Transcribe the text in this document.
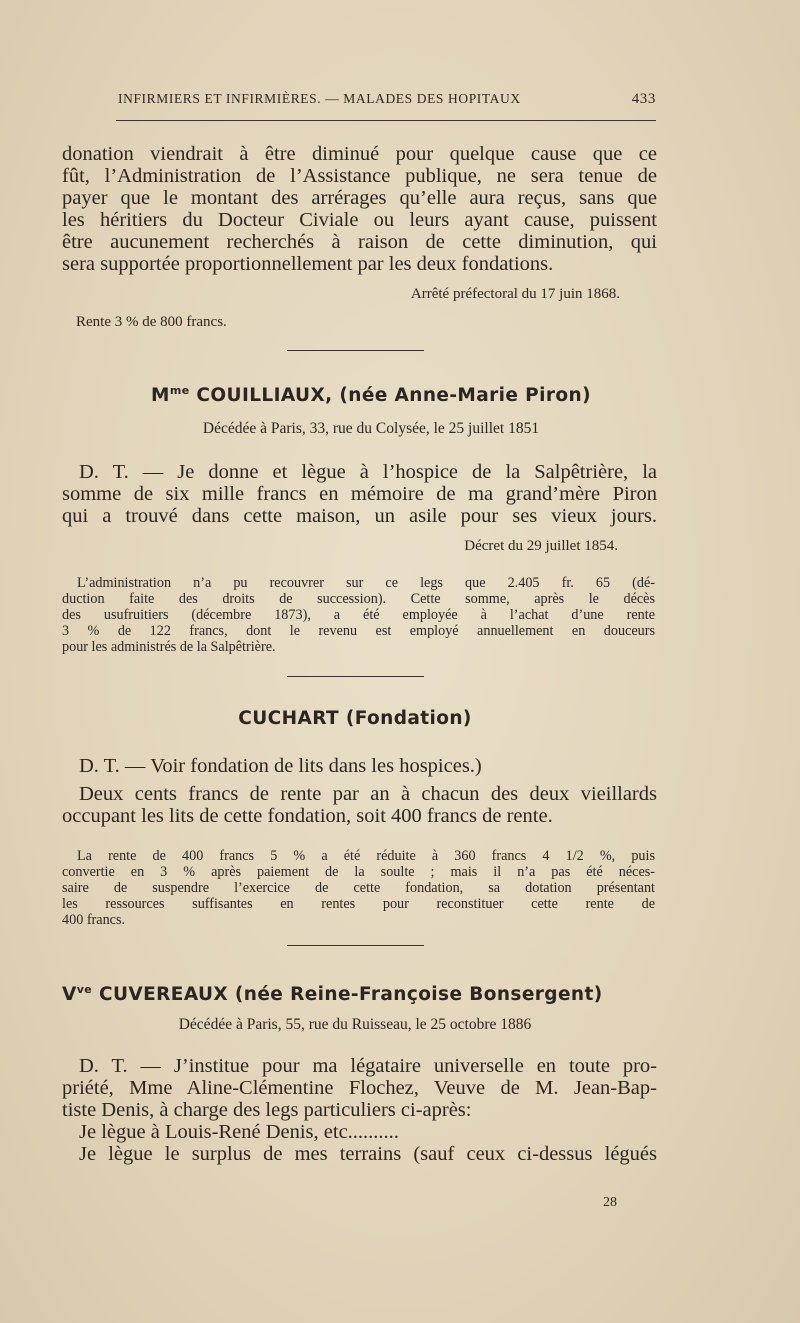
INFIRMIERS ET INFIRMIÈRES. — MALADES DES HOPITAUX	433
donation viendrait à être diminué pour quelque cause que ce
fût, l’Administration de l’Assistance publique, ne sera tenue de
payer que le montant des arrérages qu’elle aura reçus, sans que
les héritiers du Docteur Civiale ou leurs ayant cause, puissent
être aucunement recherchés à raison de cette diminution, qui
sera supportée proportionnellement par les deux fondations.
Arrêté préfectoral du 17 juin 1868.
Rente 3 % de 800 francs.
$M^{me}$ COUILLIAUX, (née Anne-Marie Piron)
Décédée à Paris, 33, rue du Colysée, le 25 juillet 1851
D. T. — Je donne et lègue à l’hospice de la Salpêtrière, la
somme de six mille francs en mémoire de ma grand’mère Piron
qui a trouvé dans cette maison, un asile pour ses vieux jours.
Décret du 29 juillet 1854.
L’administration n’a pu recouvrer sur ce legs que 2.405 fr. 65 (dé-
duction faite des droits de succession). Cette somme, après le décès
des usufruitiers (décembre 1873), a été employée à l’achat d’une rente
3 % de 122 francs, dont le revenu est employé annuellement en douceurs
pour les administrés de la Salpêtrière.
CUCHART (Fondation)
D. T. — Voir fondation de lits dans les hospices.)
Deux cents francs de rente par an à chacun des deux vieillards
occupant les lits de cette fondation, soit 400 francs de rente.
La rente de 400 francs 5 % a été réduite à 360 francs 4 1/2 %, puis
convertie en 3 % après paiement de la soulte ; mais il n’a pas été néces-
saire de suspendre l’exercice de cette fondation, sa dotation présentant
les ressources suffisantes en rentes pour reconstituer cette rente de
400 francs.
$V^{ve}$ CUVEREAUX (née Reine-Françoise Bonsergent)
Décédée à Paris, 55, rue du Ruisseau, le 25 octobre 1886
D. T. — J’institue pour ma légataire universelle en toute pro-
priété, Mme Aline-Clémentine Flochez, Veuve de M. Jean-Bap-
tiste Denis, à charge des legs particuliers ci-après:
Je lègue à Louis-René Denis, etc..........
Je lègue le surplus de mes terrains (sauf ceux ci-dessus légués
28
